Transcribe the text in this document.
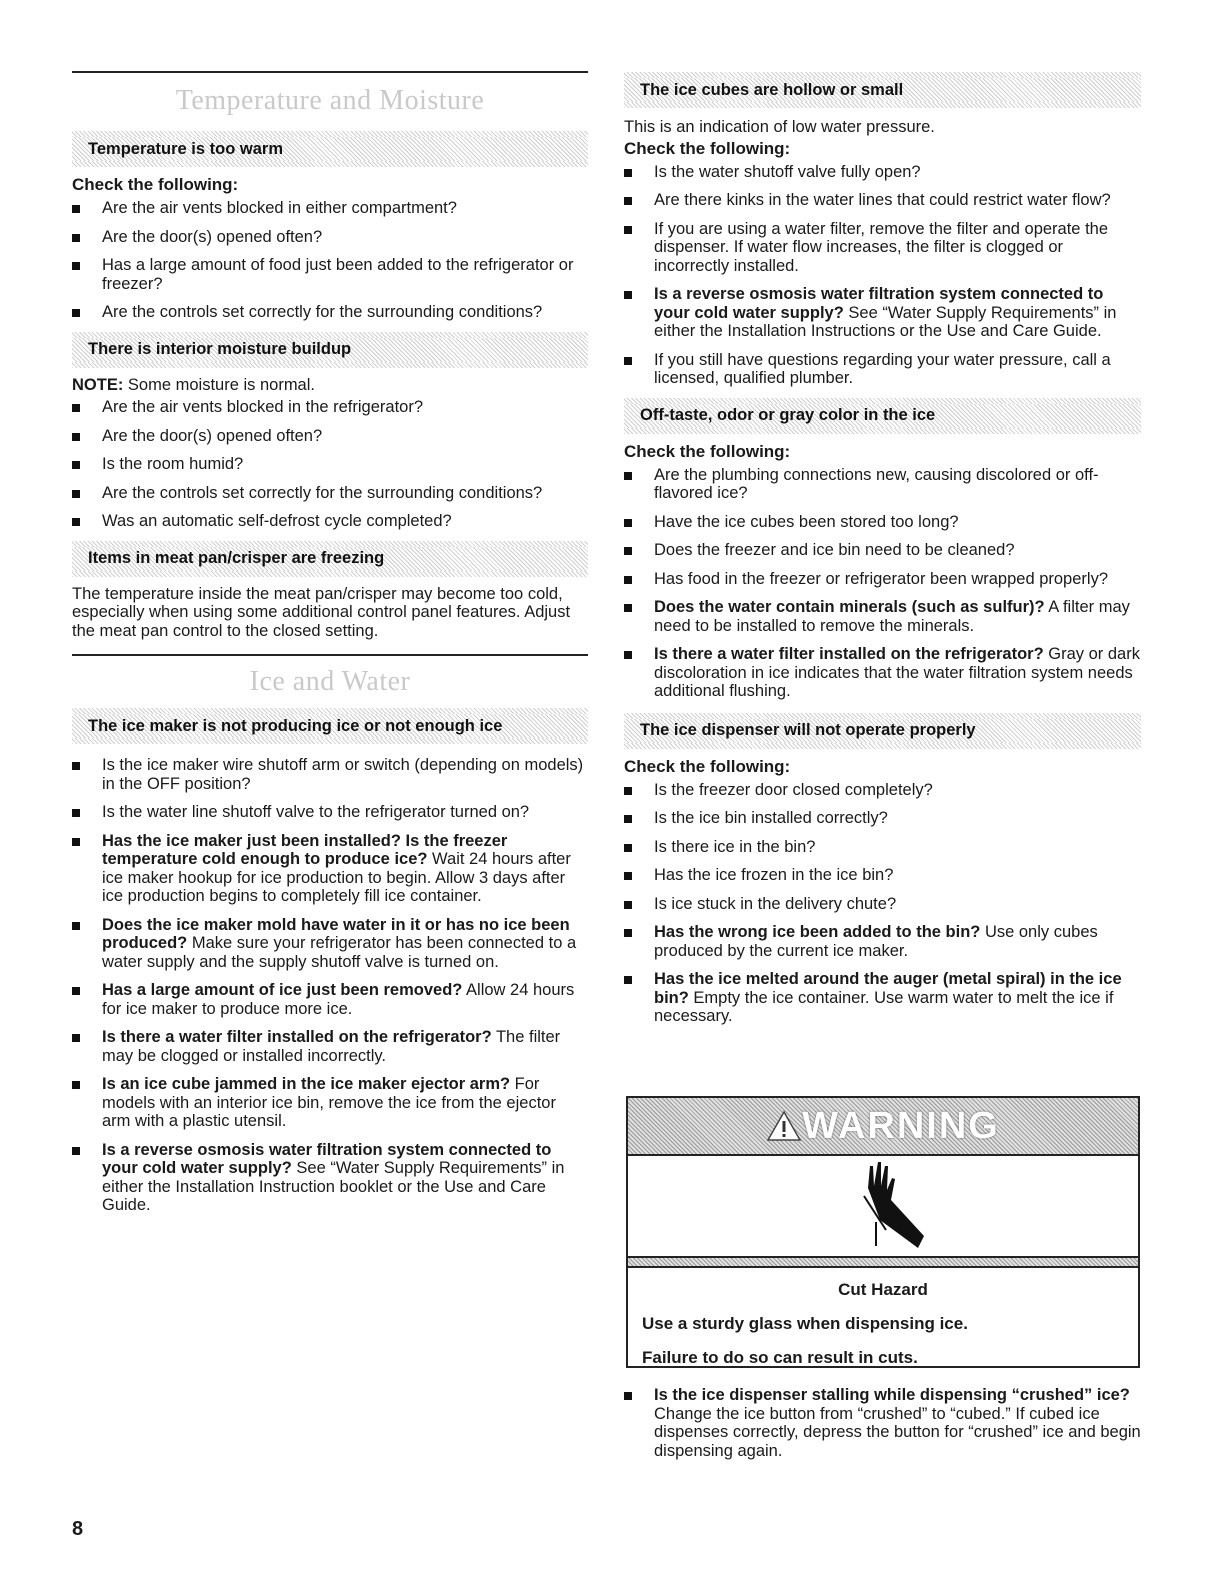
Temperature and Moisture
Temperature is too warm
Check the following:
Are the air vents blocked in either compartment?
Are the door(s) opened often?
Has a large amount of food just been added to the refrigerator or freezer?
Are the controls set correctly for the surrounding conditions?
There is interior moisture buildup
NOTE: Some moisture is normal.
Are the air vents blocked in the refrigerator?
Are the door(s) opened often?
Is the room humid?
Are the controls set correctly for the surrounding conditions?
Was an automatic self-defrost cycle completed?
Items in meat pan/crisper are freezing
The temperature inside the meat pan/crisper may become too cold, especially when using some additional control panel features. Adjust the meat pan control to the closed setting.
Ice and Water
The ice maker is not producing ice or not enough ice
Is the ice maker wire shutoff arm or switch (depending on models) in the OFF position?
Is the water line shutoff valve to the refrigerator turned on?
Has the ice maker just been installed? Is the freezer temperature cold enough to produce ice? Wait 24 hours after ice maker hookup for ice production to begin. Allow 3 days after ice production begins to completely fill ice container.
Does the ice maker mold have water in it or has no ice been produced? Make sure your refrigerator has been connected to a water supply and the supply shutoff valve is turned on.
Has a large amount of ice just been removed? Allow 24 hours for ice maker to produce more ice.
Is there a water filter installed on the refrigerator? The filter may be clogged or installed incorrectly.
Is an ice cube jammed in the ice maker ejector arm? For models with an interior ice bin, remove the ice from the ejector arm with a plastic utensil.
Is a reverse osmosis water filtration system connected to your cold water supply? See “Water Supply Requirements” in either the Installation Instruction booklet or the Use and Care Guide.
The ice cubes are hollow or small
This is an indication of low water pressure.
Check the following:
Is the water shutoff valve fully open?
Are there kinks in the water lines that could restrict water flow?
If you are using a water filter, remove the filter and operate the dispenser. If water flow increases, the filter is clogged or incorrectly installed.
Is a reverse osmosis water filtration system connected to your cold water supply? See “Water Supply Requirements” in either the Installation Instructions or the Use and Care Guide.
If you still have questions regarding your water pressure, call a licensed, qualified plumber.
Off-taste, odor or gray color in the ice
Check the following:
Are the plumbing connections new, causing discolored or off-flavored ice?
Have the ice cubes been stored too long?
Does the freezer and ice bin need to be cleaned?
Has food in the freezer or refrigerator been wrapped properly?
Does the water contain minerals (such as sulfur)? A filter may need to be installed to remove the minerals.
Is there a water filter installed on the refrigerator? Gray or dark discoloration in ice indicates that the water filtration system needs additional flushing.
The ice dispenser will not operate properly
Check the following:
Is the freezer door closed completely?
Is the ice bin installed correctly?
Is there ice in the bin?
Has the ice frozen in the ice bin?
Is ice stuck in the delivery chute?
Has the wrong ice been added to the bin? Use only cubes produced by the current ice maker.
Has the ice melted around the auger (metal spiral) in the ice bin? Empty the ice container. Use warm water to melt the ice if necessary.
WARNING
Cut Hazard
Use a sturdy glass when dispensing ice.
Failure to do so can result in cuts.
Is the ice dispenser stalling while dispensing “crushed” ice? Change the ice button from “crushed” to “cubed.” If cubed ice dispenses correctly, depress the button for “crushed” ice and begin dispensing again.
8
